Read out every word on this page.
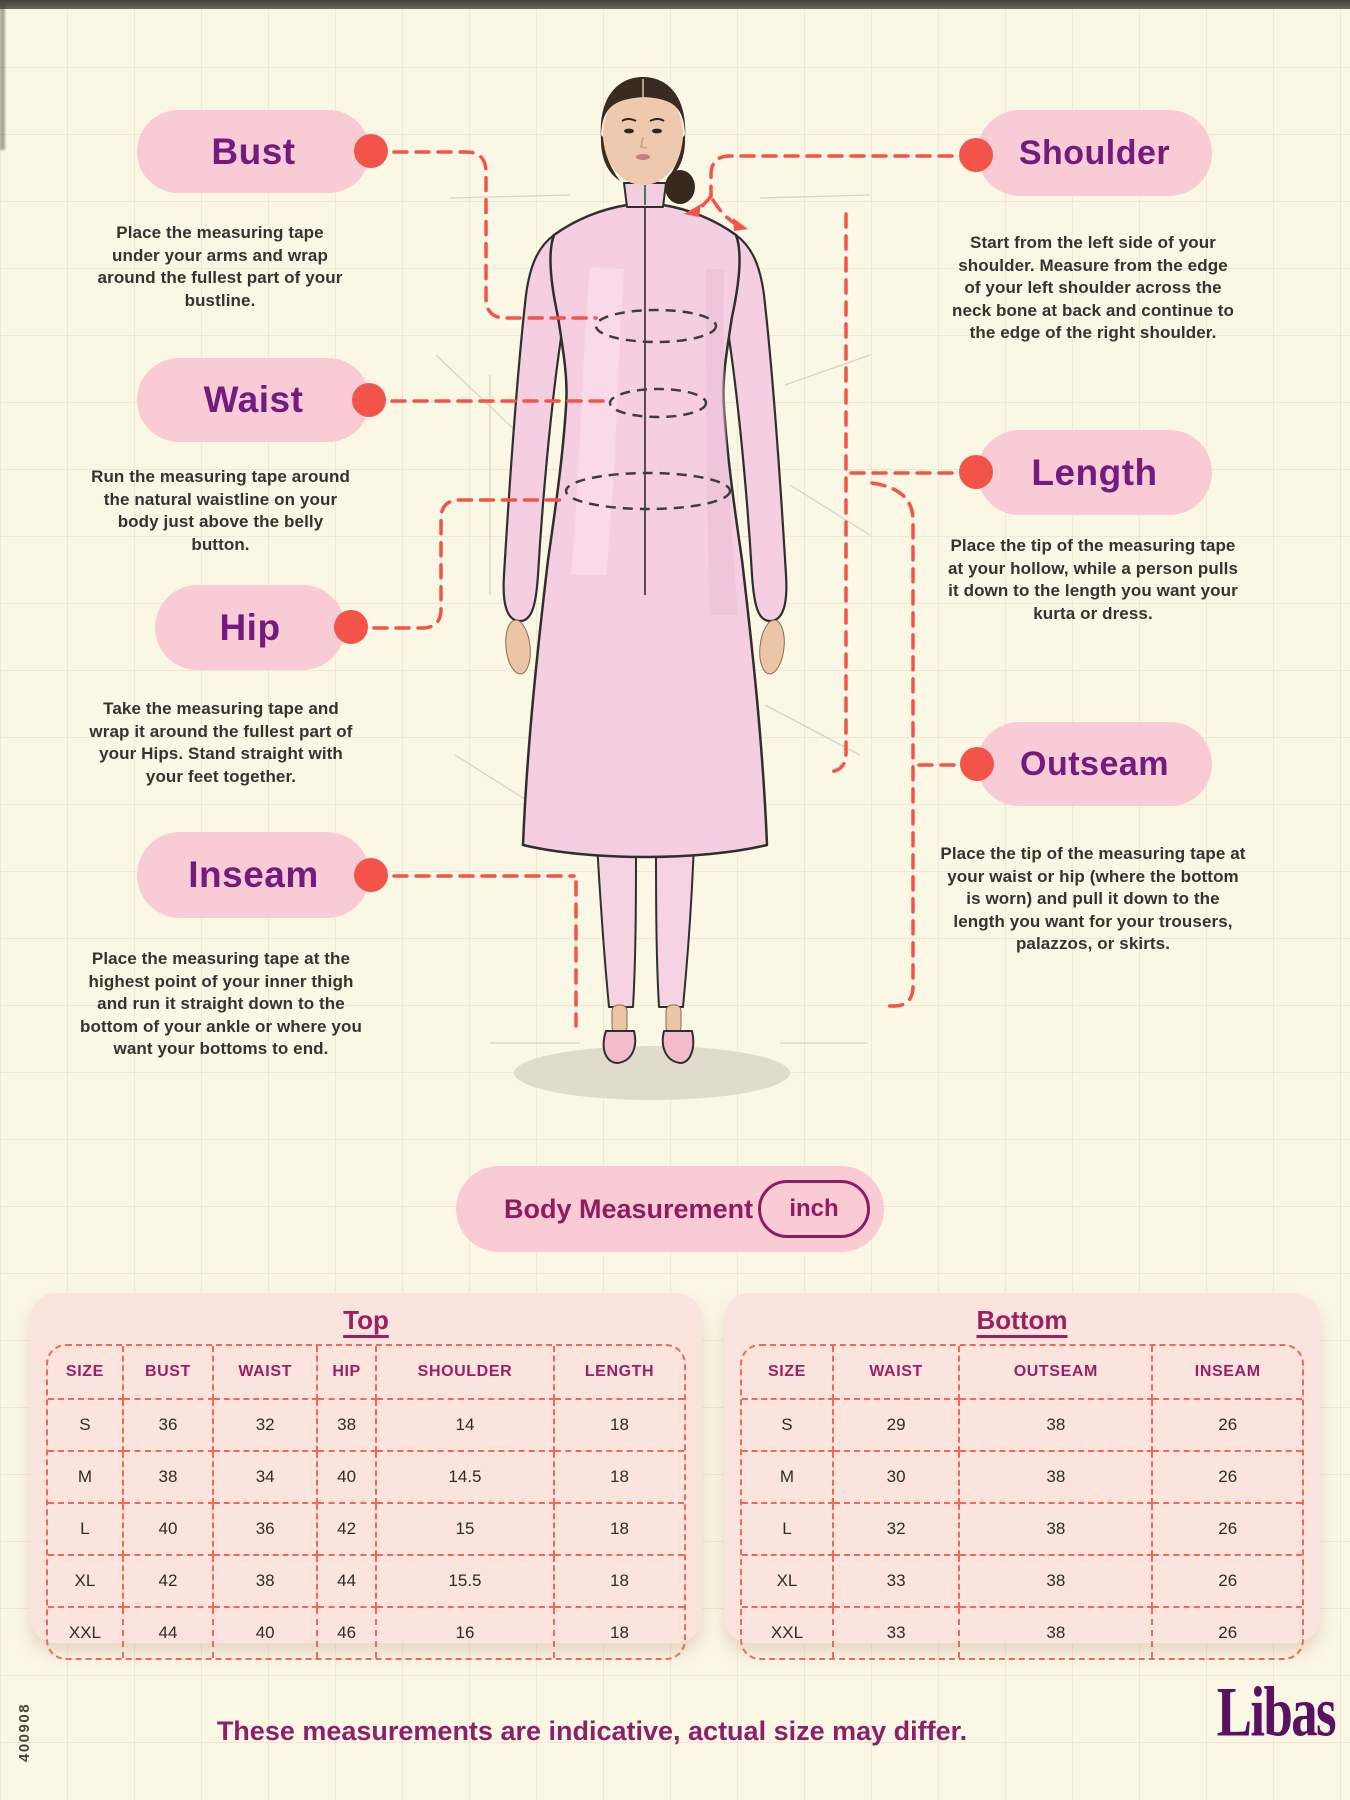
Bust
Waist
Hip
Inseam
Shoulder
Length
Outseam

Place the measuring tape under your arms and wrap around the fullest part of your bustline.

Run the measuring tape around the natural waistline on your body just above the belly button.

Take the measuring tape and wrap it around the fullest part of your Hips. Stand straight with your feet together.

Place the measuring tape at the highest point of your inner thigh and run it straight down to the bottom of your ankle or where you want your bottoms to end.

Start from the left side of your shoulder. Measure from the edge of your left shoulder across the neck bone at back and continue to the edge of the right shoulder.

Place the tip of the measuring tape at your hollow, while a person pulls it down to the length you want your kurta or dress.

Place the tip of the measuring tape at your waist or hip (where the bottom is worn) and pull it down to the length you want for your trousers, palazzos, or skirts.

Body Measurement	inch
Top
SIZE	BUST	WAIST	HIP	SHOULDER	LENGTH
S	36	32	38	14	18
M	38	34	40	14.5	18
L	40	36	42	15	18
XL	42	38	44	15.5	18
XXL	44	40	46	16	18
Bottom
SIZE	WAIST	OUTSEAM	INSEAM
S	29	38	26
M	30	38	26
L	32	38	26
XL	33	38	26
XXL	33	38	26
These measurements are indicative, actual size may differ.	Libas
400908
